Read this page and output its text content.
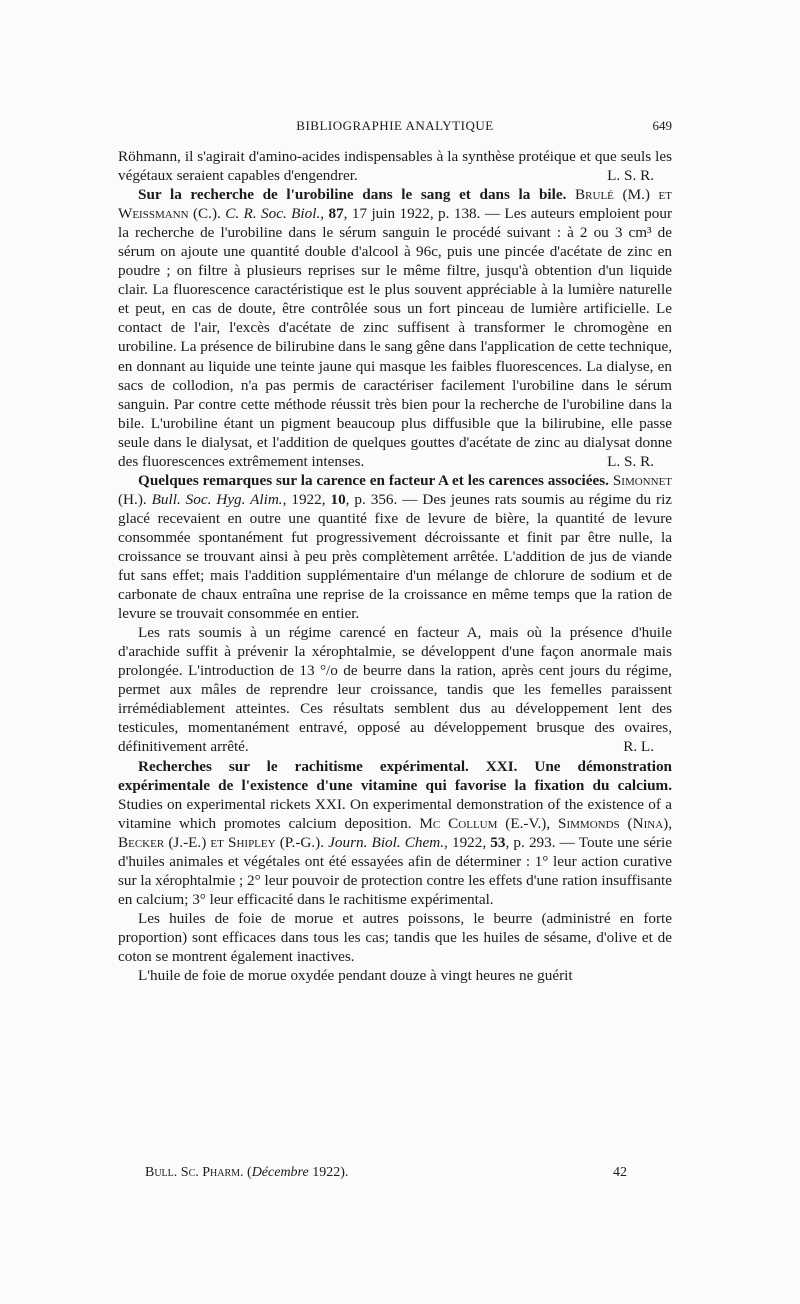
BIBLIOGRAPHIE ANALYTIQUE	649

Röhmann, il s'agirait d'amino-acides indispensables à la synthèse protéique et que seuls les végétaux seraient capables d'engendrer.	L. S. R.

Sur la recherche de l'urobiline dans le sang et dans la bile. Brulé (M.) et Weissmann (C.). C. R. Soc. Biol., 87, 17 juin 1922, p. 138. — Les auteurs emploient pour la recherche de l'urobiline dans le sérum sanguin le procédé suivant : à 2 ou 3 cm³ de sérum on ajoute une quantité double d'alcool à 96c, puis une pincée d'acétate de zinc en poudre ; on filtre à plusieurs reprises sur le même filtre, jusqu'à obtention d'un liquide clair. La fluorescence caractéristique est le plus souvent appréciable à la lumière naturelle et peut, en cas de doute, être contrôlée sous un fort pinceau de lumière artificielle. Le contact de l'air, l'excès d'acétate de zinc suffisent à transformer le chromogène en urobiline. La présence de bilirubine dans le sang gêne dans l'application de cette technique, en donnant au liquide une teinte jaune qui masque les faibles fluorescences. La dialyse, en sacs de collodion, n'a pas permis de caractériser facilement l'urobiline dans le sérum sanguin. Par contre cette méthode réussit très bien pour la recherche de l'urobiline dans la bile. L'urobiline étant un pigment beaucoup plus diffusible que la bilirubine, elle passe seule dans le dialysat, et l'addition de quelques gouttes d'acétate de zinc au dialysat donne des fluorescences extrêmement intenses.	L. S. R.

Quelques remarques sur la carence en facteur A et les carences associées. Simonnet (H.). Bull. Soc. Hyg. Alim., 1922, 10, p. 356. — Des jeunes rats soumis au régime du riz glacé recevaient en outre une quantité fixe de levure de bière, la quantité de levure consommée spontanément fut progressivement décroissante et finit par être nulle, la croissance se trouvant ainsi à peu près complètement arrêtée. L'addition de jus de viande fut sans effet; mais l'addition supplémentaire d'un mélange de chlorure de sodium et de carbonate de chaux entraîna une reprise de la croissance en même temps que la ration de levure se trouvait consommée en entier.

Les rats soumis à un régime carencé en facteur A, mais où la présence d'huile d'arachide suffit à prévenir la xérophtalmie, se développent d'une façon anormale mais prolongée. L'introduction de 13 °/o de beurre dans la ration, après cent jours du régime, permet aux mâles de reprendre leur croissance, tandis que les femelles paraissent irrémédiablement atteintes. Ces résultats semblent dus au développement lent des testicules, momentanément entravé, opposé au développement brusque des ovaires, définitivement arrêté.	R. L.

Recherches sur le rachitisme expérimental. XXI. Une démonstration expérimentale de l'existence d'une vitamine qui favorise la fixation du calcium. Studies on experimental rickets XXI. On experimental demonstration of the existence of a vitamine which promotes calcium deposition. Mc Collum (E.-V.), Simmonds (Nina), Becker (J.-E.) et Shipley (P.-G.). Journ. Biol. Chem., 1922, 53, p. 293. — Toute une série d'huiles animales et végétales ont été essayées afin de déterminer : 1° leur action curative sur la xérophtalmie ; 2° leur pouvoir de protection contre les effets d'une ration insuffisante en calcium; 3° leur efficacité dans le rachitisme expérimental.

Les huiles de foie de morue et autres poissons, le beurre (administré en forte proportion) sont efficaces dans tous les cas; tandis que les huiles de sésame, d'olive et de coton se montrent également inactives.

L'huile de foie de morue oxydée pendant douze à vingt heures ne guérit

Bull. Sc. Pharm. (Décembre 1922).	42
